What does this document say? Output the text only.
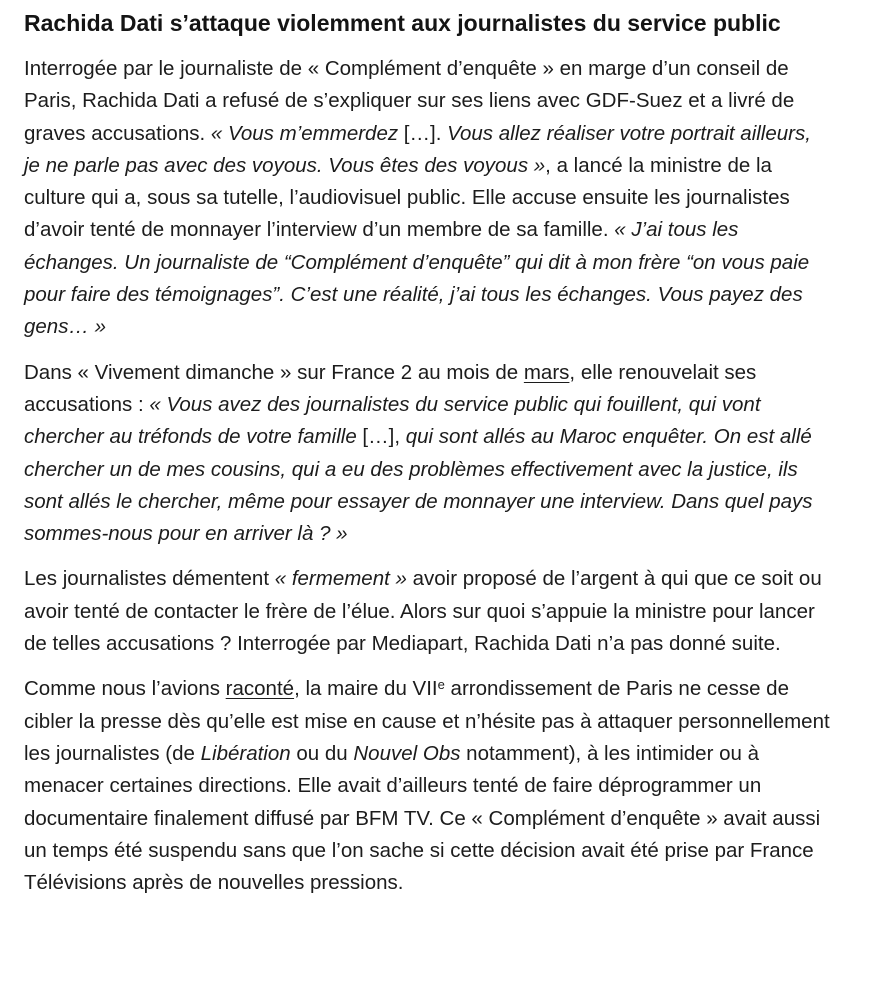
Rachida Dati s’attaque violemment aux journalistes du service public

Interrogée par le journaliste de « Complément d’enquête » en marge d’un conseil de Paris, Rachida Dati a refusé de s’expliquer sur ses liens avec GDF-Suez et a livré de graves accusations. « Vous m’emmerdez […]. Vous allez réaliser votre portrait ailleurs, je ne parle pas avec des voyous. Vous êtes des voyous », a lancé la ministre de la culture qui a, sous sa tutelle, l’audiovisuel public. Elle accuse ensuite les journalistes d’avoir tenté de monnayer l’interview d’un membre de sa famille. « J’ai tous les échanges. Un journaliste de “Complément d’enquête” qui dit à mon frère “on vous paie pour faire des témoignages”. C’est une réalité, j’ai tous les échanges. Vous payez des gens… »

Dans « Vivement dimanche » sur France 2 au mois de mars, elle renouvelait ses accusations : « Vous avez des journalistes du service public qui fouillent, qui vont chercher au tréfonds de votre famille […], qui sont allés au Maroc enquêter. On est allé chercher un de mes cousins, qui a eu des problèmes effectivement avec la justice, ils sont allés le chercher, même pour essayer de monnayer une interview. Dans quel pays sommes-nous pour en arriver là ? »

Les journalistes démentent « fermement » avoir proposé de l’argent à qui que ce soit ou avoir tenté de contacter le frère de l’élue. Alors sur quoi s’appuie la ministre pour lancer de telles accusations ? Interrogée par Mediapart, Rachida Dati n’a pas donné suite.

Comme nous l’avions raconté, la maire du VIIe arrondissement de Paris ne cesse de cibler la presse dès qu’elle est mise en cause et n’hésite pas à attaquer personnellement les journalistes (de Libération ou du Nouvel Obs notamment), à les intimider ou à menacer certaines directions. Elle avait d’ailleurs tenté de faire déprogrammer un documentaire finalement diffusé par BFM TV. Ce « Complément d’enquête » avait aussi un temps été suspendu sans que l’on sache si cette décision avait été prise par France Télévisions après de nouvelles pressions.
